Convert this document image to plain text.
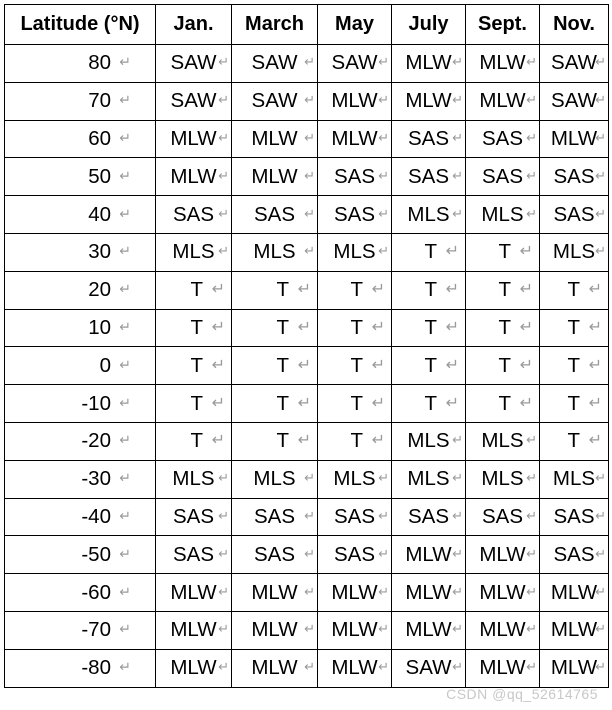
Latitude (°N)	Jan.	March	May	July	Sept.	Nov.
80 ↵	SAW ↵	SAW ↵	SAW ↵	MLW ↵	MLW ↵	SAW
↵

70 ↵	SAW ↵	SAW ↵	MLW ↵	MLW ↵	MLW ↵	SAW
↵

60 ↵	MLW ↵	MLW ↵	MLW ↵	SAS ↵	SAS ↵	MLW
↵

50 ↵	MLW ↵	MLW ↵	SAS ↵	SAS ↵	SAS ↵	SAS ↵

40 ↵	SAS ↵	SAS ↵	SAS ↵	MLS ↵	MLS ↵	SAS ↵

30 ↵	MLS ↵	MLS ↵	MLS ↵	T ↵	T ↵	MLS ↵

20 ↵	T ↵	T ↵	T ↵	T ↵	T ↵	T ↵

10 ↵	T ↵	T ↵	T ↵	T ↵	T ↵	T ↵

0 ↵	T ↵	T ↵	T ↵	T ↵	T ↵	T ↵

-10 ↵	T ↵	T ↵	T ↵	T ↵	T ↵	T ↵

-20 ↵	T ↵	T ↵	T ↵	MLS ↵	MLS ↵	T ↵

-30 ↵	MLS ↵	MLS ↵	MLS ↵	MLS ↵	MLS ↵	MLS ↵

-40 ↵	SAS ↵	SAS ↵	SAS ↵	SAS ↵	SAS ↵	SAS ↵

-50 ↵	SAS ↵	SAS ↵	SAS ↵	MLW ↵	MLW ↵	SAS ↵

-60 ↵	MLW ↵	MLW ↵	MLW ↵	MLW ↵	MLW ↵	MLW
↵

-70 ↵	MLW ↵	MLW ↵	MLW ↵	MLW ↵	MLW ↵	MLW
↵

-80 ↵	MLW ↵	MLW ↵	MLW ↵	SAW ↵	MLW ↵	MLW
↵
CSDN @qq_52614765
